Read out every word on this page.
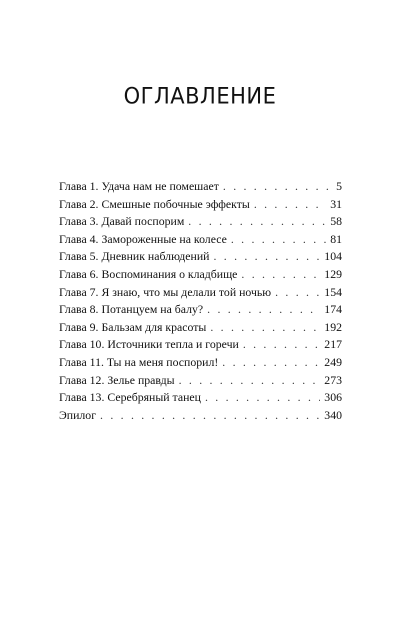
ОГЛАВЛЕНИЕ
Глава 1. Удача нам не помешает . . .	5
Глава 2. Смешные побочные эффекты . . .	31
Глава 3. Давай поспорим . . .	58
Глава 4. Замороженные на колесе . . .	81
Глава 5. Дневник наблюдений . . .	104
Глава 6. Воспоминания о кладбище . . .	129
Глава 7. Я знаю, что мы делали той ночью . . .	154
Глава 8. Потанцуем на балу? . . .	174
Глава 9. Бальзам для красоты . . .	192
Глава 10. Источники тепла и горечи . . .	217
Глава 11. Ты на меня поспорил! . . .	249
Глава 12. Зелье правды . . .	273
Глава 13. Серебряный танец . . .	306
Эпилог . . .	340
